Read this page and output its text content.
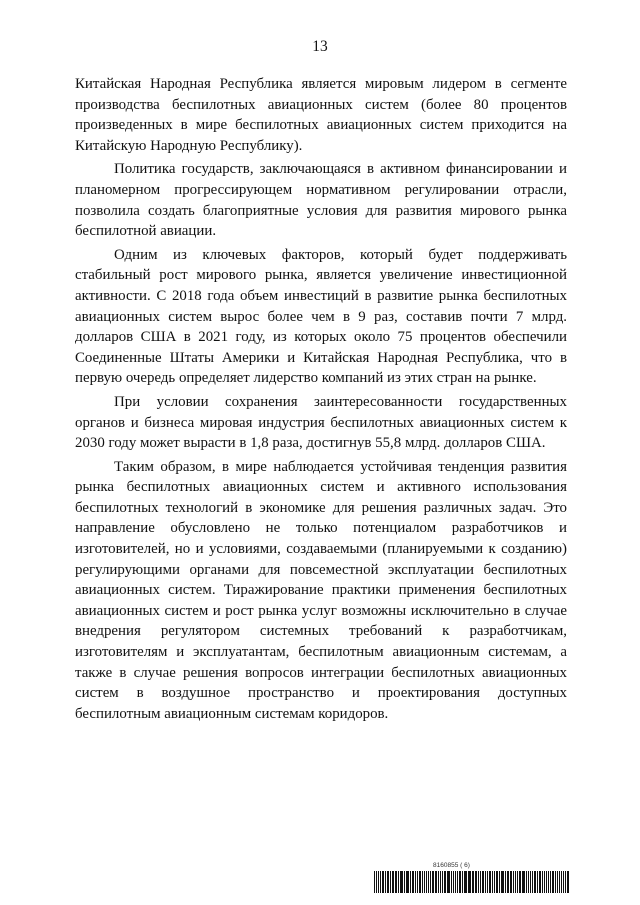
13

Китайская Народная Республика является мировым лидером в сегменте производства беспилотных авиационных систем (более 80 процентов произведенных в мире беспилотных авиационных систем приходится на Китайскую Народную Республику).

Политика государств, заключающаяся в активном финансировании и планомерном прогрессирующем нормативном регулировании отрасли, позволила создать благоприятные условия для развития мирового рынка беспилотной авиации.

Одним из ключевых факторов, который будет поддерживать стабильный рост мирового рынка, является увеличение инвестиционной активности. С 2018 года объем инвестиций в развитие рынка беспилотных авиационных систем вырос более чем в 9 раз, составив почти 7 млрд. долларов США в 2021 году, из которых около 75 процентов обеспечили Соединенные Штаты Америки и Китайская Народная Республика, что в первую очередь определяет лидерство компаний из этих стран на рынке.

При условии сохранения заинтересованности государственных органов и бизнеса мировая индустрия беспилотных авиационных систем к 2030 году может вырасти в 1,8 раза, достигнув 55,8 млрд. долларов США.

Таким образом, в мире наблюдается устойчивая тенденция развития рынка беспилотных авиационных систем и активного использования беспилотных технологий в экономике для решения различных задач. Это направление обусловлено не только потенциалом разработчиков и изготовителей, но и условиями, создаваемыми (планируемыми к созданию) регулирующими органами для повсеместной эксплуатации беспилотных авиационных систем. Тиражирование практики применения беспилотных авиационных систем и рост рынка услуг возможны исключительно в случае внедрения регулятором системных требований к разработчикам, изготовителям и эксплуатантам, беспилотным авиационным системам, а также в случае решения вопросов интеграции беспилотных авиационных систем в воздушное пространство и проектирования доступных беспилотным авиационным системам коридоров.

8160855 ( 6)
